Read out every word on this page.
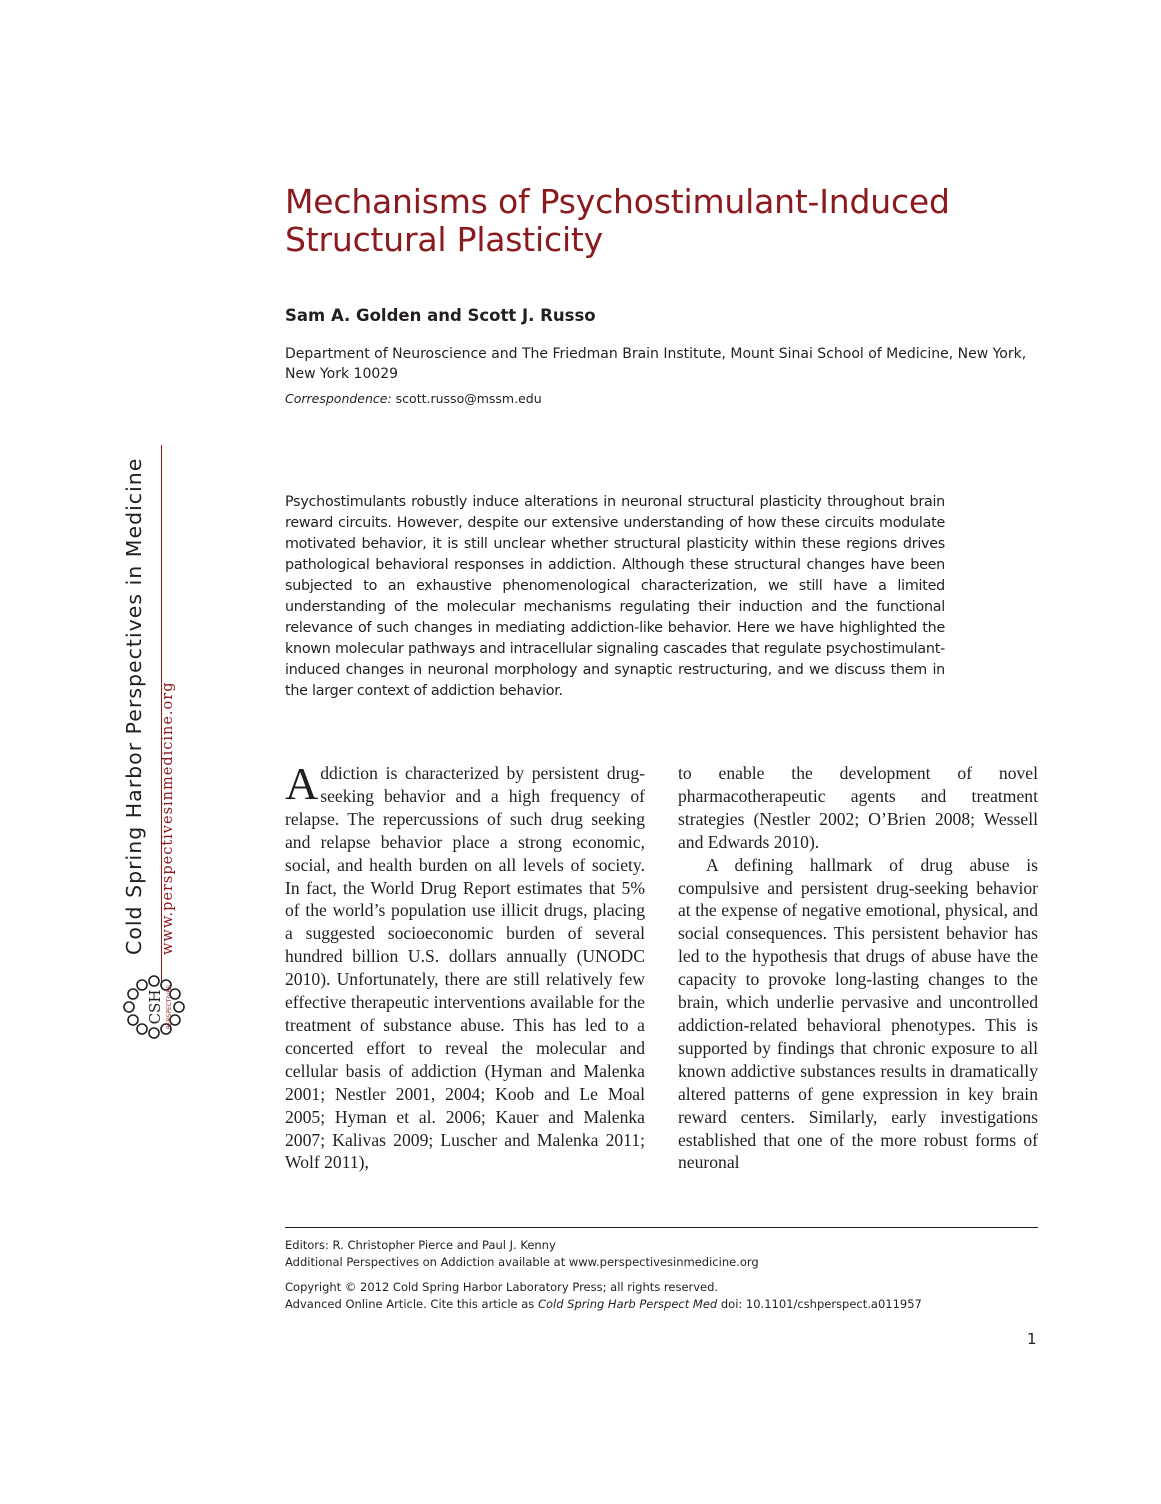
Mechanisms of Psychostimulant-Induced
Structural Plasticity

Sam A. Golden and Scott J. Russo

Department of Neuroscience and The Friedman Brain Institute, Mount Sinai School of Medicine, New York, New York 10029

Correspondence: scott.russo@mssm.edu

Psychostimulants robustly induce alterations in neuronal structural plasticity throughout brain reward circuits. However, despite our extensive understanding of how these circuits modulate motivated behavior, it is still unclear whether structural plasticity within these regions drives pathological behavioral responses in addiction. Although these structural changes have been subjected to an exhaustive phenomenological characterization, we still have a limited understanding of the molecular mechanisms regulating their induction and the functional relevance of such changes in mediating addiction-like behavior. Here we have highlighted the known molecular pathways and intracellular signaling cascades that regulate psychostimulant-induced changes in neuronal morphology and synaptic restructuring, and we discuss them in the larger context of addiction behavior.

Addiction is characterized by persistent drug-seeking behavior and a high frequency of relapse. The repercussions of such drug seeking and relapse behavior place a strong economic, social, and health burden on all levels of society. In fact, the World Drug Report estimates that 5% of the world’s population use illicit drugs, placing a suggested socioeconomic burden of several hundred billion U.S. dollars annually (UNODC 2010). Unfortunately, there are still relatively few effective therapeutic interventions available for the treatment of substance abuse. This has led to a concerted effort to reveal the molecular and cellular basis of addiction (Hyman and Malenka 2001; Nestler 2001, 2004; Koob and Le Moal 2005; Hyman et al. 2006; Kauer and Malenka 2007; Kalivas 2009; Luscher and Malenka 2011; Wolf 2011),
to enable the development of novel pharmacotherapeutic agents and treatment strategies (Nestler 2002; O’Brien 2008; Wessell and Edwards 2010).
A defining hallmark of drug abuse is compulsive and persistent drug-seeking behavior at the expense of negative emotional, physical, and social consequences. This persistent behavior has led to the hypothesis that drugs of abuse have the capacity to provoke long-lasting changes to the brain, which underlie pervasive and uncontrolled addiction-related behavioral phenotypes. This is supported by findings that chronic exposure to all known addictive substances results in dramatically altered patterns of gene expression in key brain reward centers. Similarly, early investigations established that one of the more robust forms of neuronal

Editors: R. Christopher Pierce and Paul J. Kenny

Additional Perspectives on Addiction available at www.perspectivesinmedicine.org

Copyright © 2012 Cold Spring Harbor Laboratory Press; all rights reserved.

Advanced Online Article. Cite this article as Cold Spring Harb Perspect Med doi: 10.1101/cshperspect.a011957

1

Cold Spring Harbor Perspectives in Medicine www.perspectivesinmedicine.org
CSH PERSPECTIVES
